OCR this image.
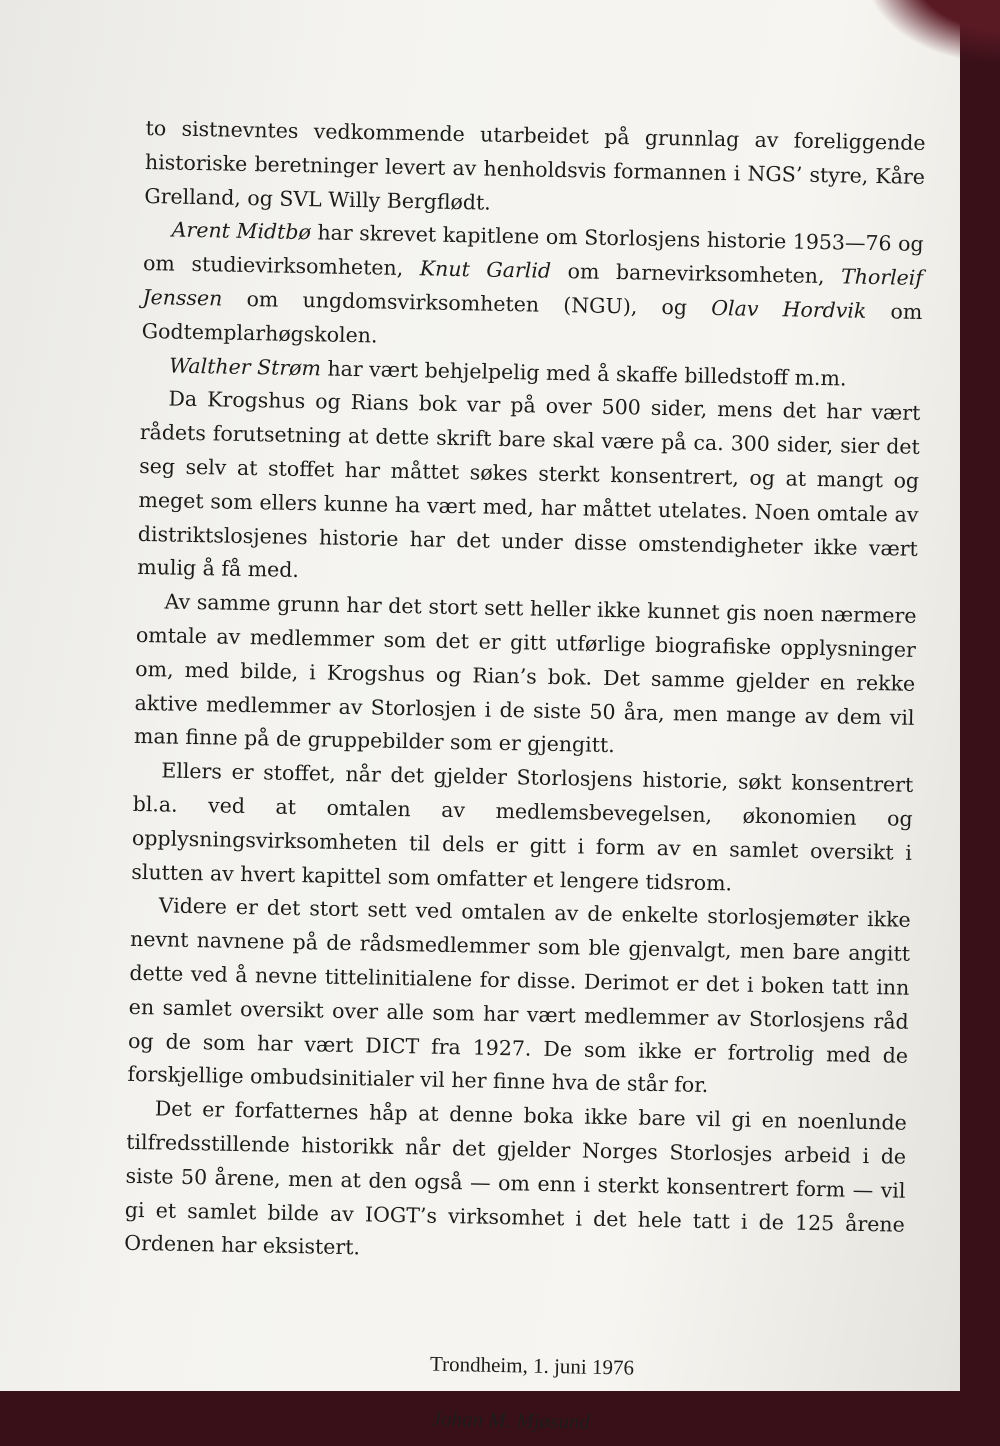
to sistnevntes vedkommende utarbeidet på grunnlag av foreliggende historiske beretninger levert av henholdsvis formannen i NGS’ styre, Kåre Grelland, og SVL Willy Bergflødt.

Arent Midtbø har skrevet kapitlene om Storlosjens historie 1953—76 og om studievirksomheten, Knut Garlid om barnevirksomheten, Thorleif Jenssen om ungdomsvirksomheten (NGU), og Olav Hordvik om Godtemplarhøgskolen.

Walther Strøm har vært behjelpelig med å skaffe billedstoff m.m.

Da Krogshus og Rians bok var på over 500 sider, mens det har vært rådets forutsetning at dette skrift bare skal være på ca. 300 sider, sier det seg selv at stoffet har måttet søkes sterkt konsentrert, og at mangt og meget som ellers kunne ha vært med, har måttet utelates. Noen omtale av distriktslosjenes historie har det under disse omstendigheter ikke vært mulig å få med.

Av samme grunn har det stort sett heller ikke kunnet gis noen nærmere omtale av medlemmer som det er gitt utførlige biografiske opplysninger om, med bilde, i Krogshus og Rian’s bok. Det samme gjelder en rekke aktive medlemmer av Storlosjen i de siste 50 åra, men mange av dem vil man finne på de gruppebilder som er gjengitt.

Ellers er stoffet, når det gjelder Storlosjens historie, søkt konsentrert bl.a. ved at omtalen av medlemsbevegelsen, økonomien og opplysningsvirksomheten til dels er gitt i form av en samlet oversikt i slutten av hvert kapittel som omfatter et lengere tidsrom.

Videre er det stort sett ved omtalen av de enkelte storlosjemøter ikke nevnt navnene på de rådsmedlemmer som ble gjenvalgt, men bare angitt dette ved å nevne tittelinitialene for disse. Derimot er det i boken tatt inn en samlet oversikt over alle som har vært medlemmer av Storlosjens råd og de som har vært DICT fra 1927. De som ikke er fortrolig med de forskjellige ombudsinitialer vil her finne hva de står for.

Det er forfatternes håp at denne boka ikke bare vil gi en noenlunde tilfredsstillende historikk når det gjelder Norges Storlosjes arbeid i de siste 50 årene, men at den også — om enn i sterkt konsentrert form — vil gi et samlet bilde av IOGT’s virksomhet i det hele tatt i de 125 årene Ordenen har eksistert.

Trondheim, 1. juni 1976
Johan M. Mjøsund
